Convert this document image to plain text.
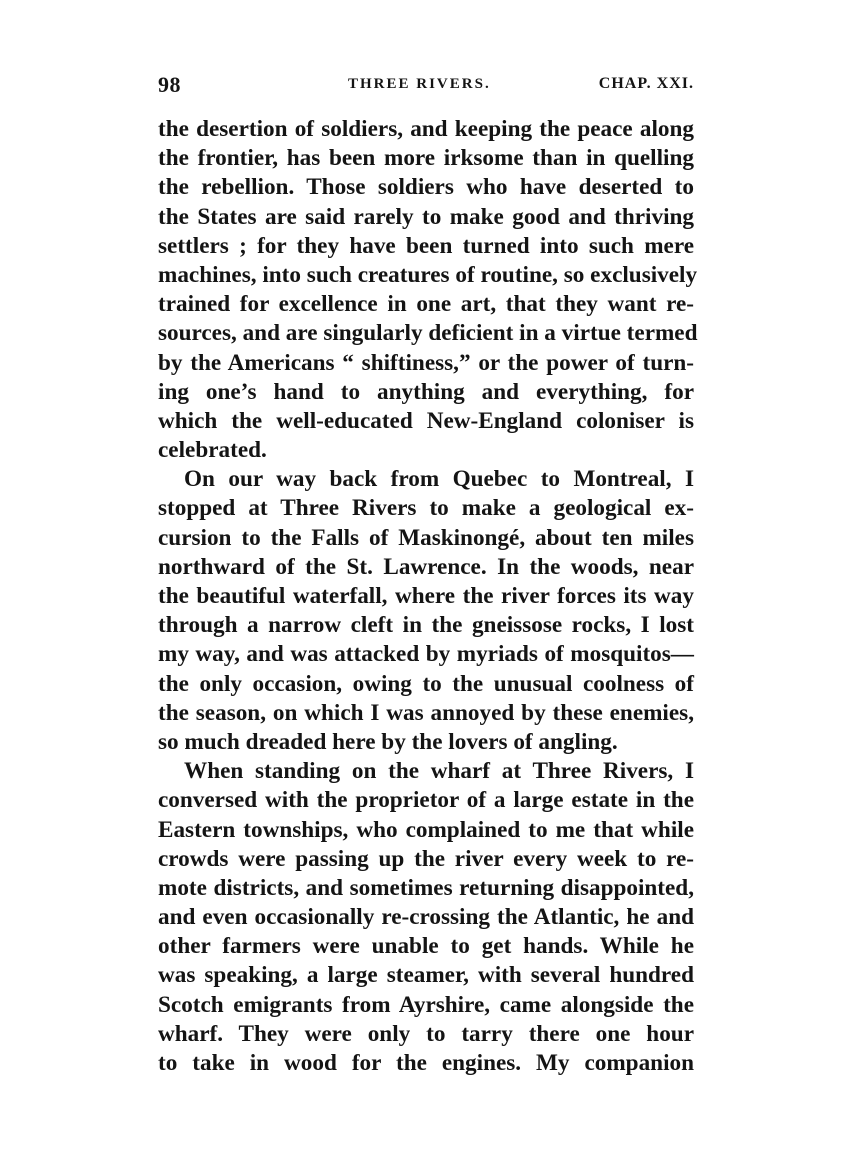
98	THREE RIVERS.	CHAP. XXI.
the desertion of soldiers, and keeping the peace along
the frontier, has been more irksome than in quelling
the rebellion. Those soldiers who have deserted to
the States are said rarely to make good and thriving
settlers ; for they have been turned into such mere
machines, into such creatures of routine, so exclusively
trained for excellence in one art, that they want re-
sources, and are singularly deficient in a virtue termed
by the Americans “ shiftiness,” or the power of turn-
ing one’s hand to anything and everything, for
which the well-educated New-England coloniser is
celebrated.
On our way back from Quebec to Montreal, I
stopped at Three Rivers to make a geological ex-
cursion to the Falls of Maskinongé, about ten miles
northward of the St. Lawrence. In the woods, near
the beautiful waterfall, where the river forces its way
through a narrow cleft in the gneissose rocks, I lost
my way, and was attacked by myriads of mosquitos—
the only occasion, owing to the unusual coolness of
the season, on which I was annoyed by these enemies,
so much dreaded here by the lovers of angling.
When standing on the wharf at Three Rivers, I
conversed with the proprietor of a large estate in the
Eastern townships, who complained to me that while
crowds were passing up the river every week to re-
mote districts, and sometimes returning disappointed,
and even occasionally re-crossing the Atlantic, he and
other farmers were unable to get hands. While he
was speaking, a large steamer, with several hundred
Scotch emigrants from Ayrshire, came alongside the
wharf. They were only to tarry there one hour
to take in wood for the engines. My companion
